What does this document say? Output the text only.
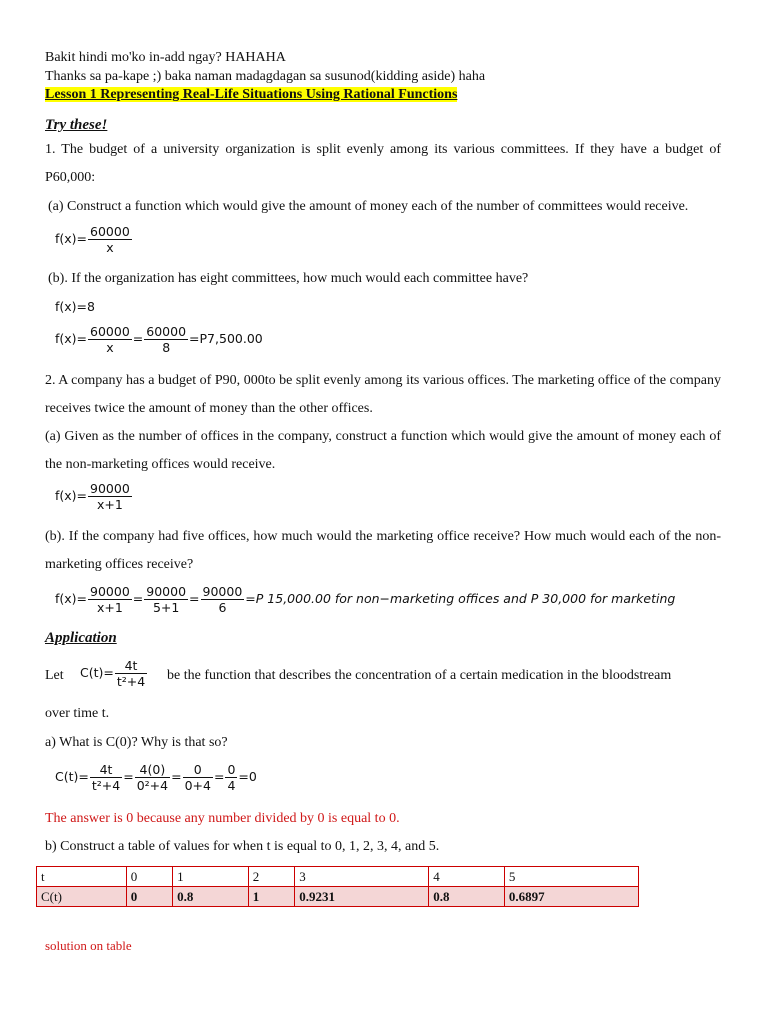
Bakit hindi mo'ko in-add ngay? HAHAHA
Thanks sa pa-kape ;) baka naman madagdagan sa susunod(kidding aside) haha
Lesson 1 Representing Real-Life Situations Using Rational Functions
Try these!
1. The budget of a university organization is split evenly among its various committees. If they have a budget of P60,000:
(a) Construct a function which would give the amount of money each of the number of committees would receive.
$f(x)= \frac{60000}{x}$
(b). If the organization has eight committees, how much would each committee have?
f(x)=8
$f(x)= \frac{60000}{x} = \frac{60000}{8} =P7,500.00$
2. A company has a budget of P90, 000to be split evenly among its various offices. The marketing office of the company receives twice the amount of money than the other offices.
(a) Given as the number of offices in the company, construct a function which would give the amount of money each of the non-marketing offices would receive.
$f(x)= \frac{90000}{x+1}$
(b). If the company had five offices, how much would the marketing office receive? How much would each of the non-marketing offices receive?
$f(x)= \frac{90000}{x+1} = \frac{90000}{5+1} = \frac{90000}{6} =P$ 15,000.00 for non−marketing offices and P 30,000 for marketing
Application
Let $C(t)= \frac{4t}{\text{t²+4}}$ be the function that describes the concentration of a certain medication in the bloodstream
over time t.
a) What is C(0)? Why is that so?
$C(t)= \frac{4t}{\text{t²+4}} = \frac{4(0)}{\text{0²+4}} = \frac{0}{0+4} = \frac{0}{4} =0$
The answer is 0 because any number divided by 0 is equal to 0.
b) Construct a table of values for when t is equal to 0, 1, 2, 3, 4, and 5.
t	0	1	2	3	4	5
C(t)	0	0.8	1	0.9231	0.8	0.6897
solution on table
